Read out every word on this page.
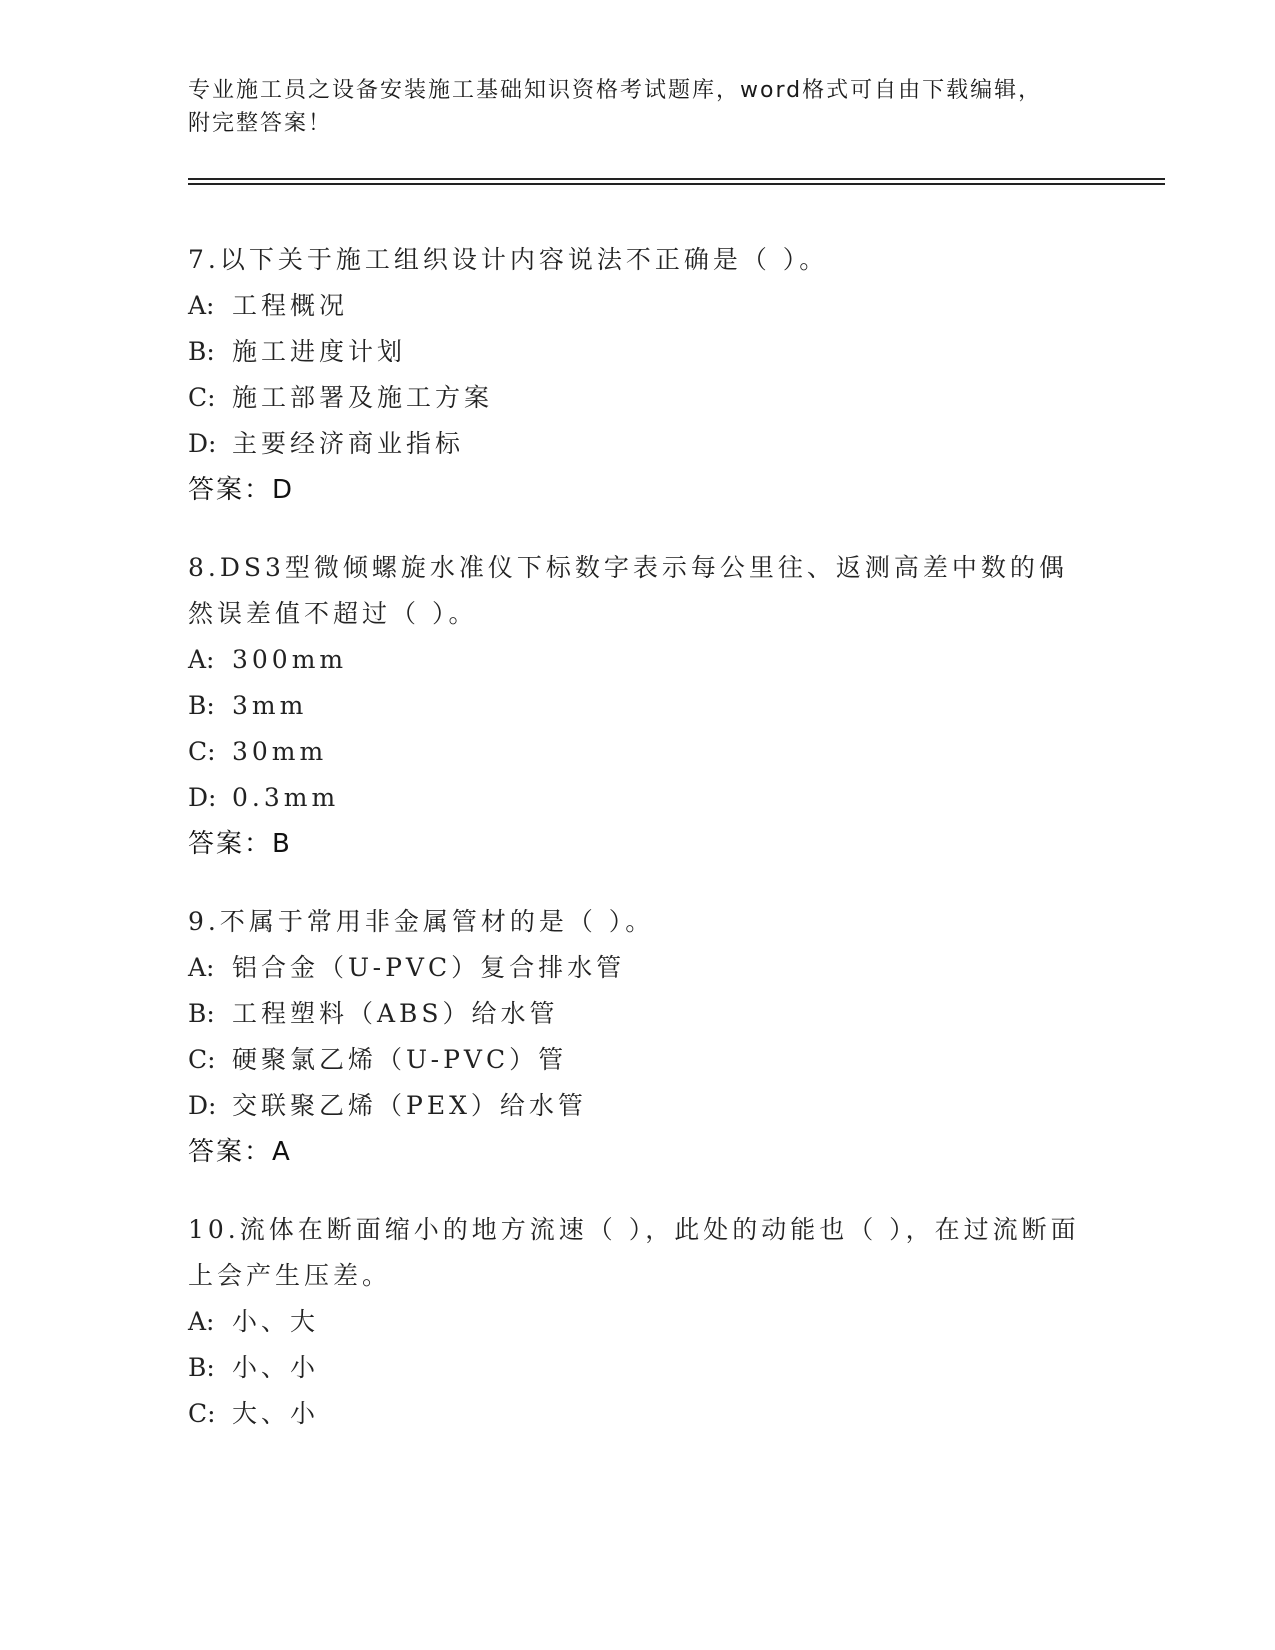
专业施工员之设备安装施工基础知识资格考试题库，word格式可自由下载编辑，
附完整答案！

7.以下关于施工组织设计内容说法不正确是（ ）。

A: 工程概况
B: 施工进度计划
C: 施工部署及施工方案
D: 主要经济商业指标
答案：D

8.DS3型微倾螺旋水准仪下标数字表示每公里往、返测高差中数的偶然误差值不超过（ ）。

A: 300mm
B: 3mm
C: 30mm
D: 0.3mm
答案：B

9.不属于常用非金属管材的是（ ）。

A: 铝合金（U-PVC）复合排水管
B: 工程塑料（ABS）给水管
C: 硬聚氯乙烯（U-PVC）管
D: 交联聚乙烯（PEX）给水管
答案：A

10.流体在断面缩小的地方流速（ ），此处的动能也（ ），在过流断面上会产生压差。

A: 小、大
B: 小、小
C: 大、小
